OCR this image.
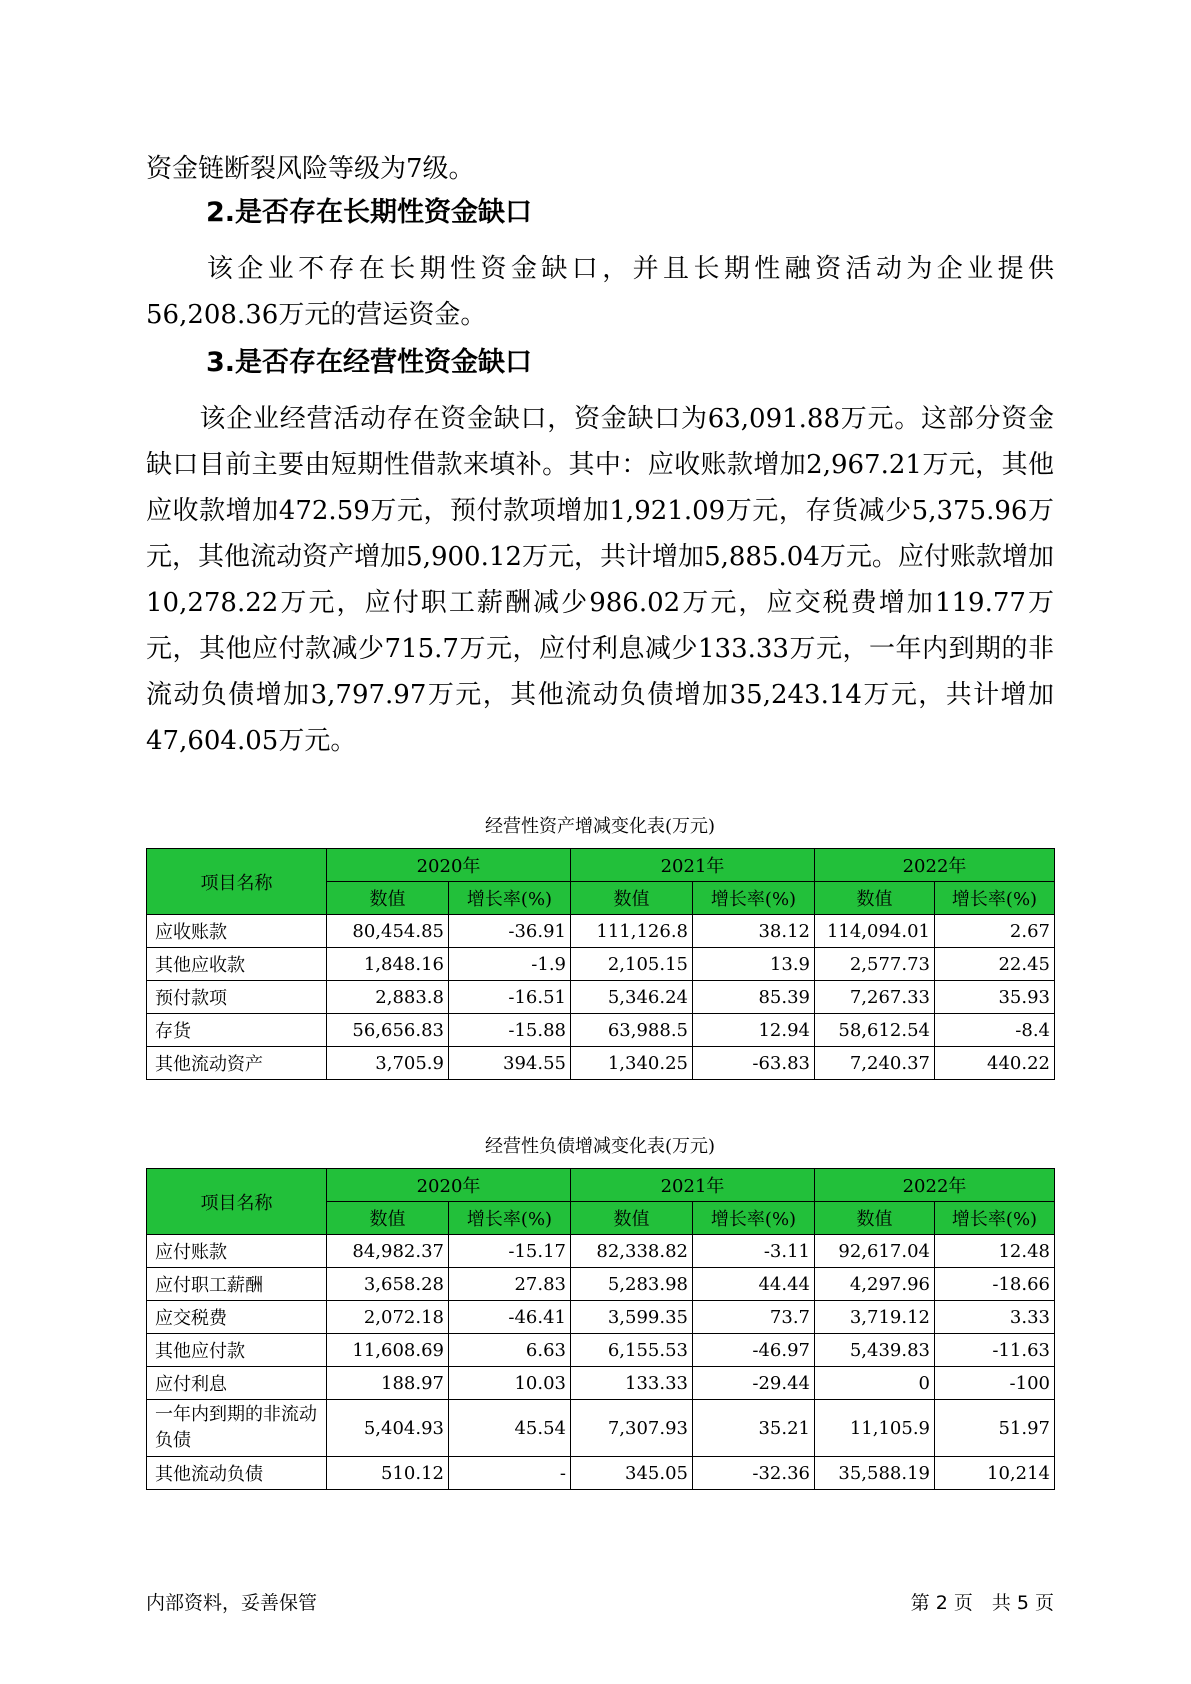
资金链断裂风险等级为7级。

2.是否存在长期性资金缺口

　　该企业不存在长期性资金缺口，并且长期性融资活动为企业提供56,208.36万元的营运资金。

3.是否存在经营性资金缺口

　　该企业经营活动存在资金缺口，资金缺口为63,091.88万元。这部分资金缺口目前主要由短期性借款来填补。其中：应收账款增加2,967.21万元，其他应收款增加472.59万元，预付款项增加1,921.09万元，存货减少5,375.96万元，其他流动资产增加5,900.12万元，共计增加5,885.04万元。应付账款增加10,278.22万元，应付职工薪酬减少986.02万元，应交税费增加119.77万元，其他应付款减少715.7万元，应付利息减少133.33万元，一年内到期的非流动负债增加3,797.97万元，其他流动负债增加35,243.14万元，共计增加47,604.05万元。

经营性资产增减变化表(万元)
项目名称	2020年		2021年		2022年	
	数值	增长率(%)	数值	增长率(%)	数值	增长率(%)
应收账款	80,454.85	-36.91	111,126.8	38.12	114,094.01	2.67
其他应收款	1,848.16	-1.9	2,105.15	13.9	2,577.73	22.45
预付款项	2,883.8	-16.51	5,346.24	85.39	7,267.33	35.93
存货	56,656.83	-15.88	63,988.5	12.94	58,612.54	-8.4
其他流动资产	3,705.9	394.55	1,340.25	-63.83	7,240.37	440.22
经营性负债增减变化表(万元)
项目名称	2020年		2021年		2022年	
	数值	增长率(%)	数值	增长率(%)	数值	增长率(%)
应付账款	84,982.37	-15.17	82,338.82	-3.11	92,617.04	12.48
应付职工薪酬	3,658.28	27.83	5,283.98	44.44	4,297.96	-18.66
应交税费	2,072.18	-46.41	3,599.35	73.7	3,719.12	3.33
其他应付款	11,608.69	6.63	6,155.53	-46.97	5,439.83	-11.63
应付利息	188.97	10.03	133.33	-29.44	0	-100
一年内到期的非流动负债	5,404.93	45.54	7,307.93	35.21	11,105.9	51.97
其他流动负债	510.12	-	345.05	-32.36	35,588.19	10,214
内部资料，妥善保管	第 2 页　共 5 页
